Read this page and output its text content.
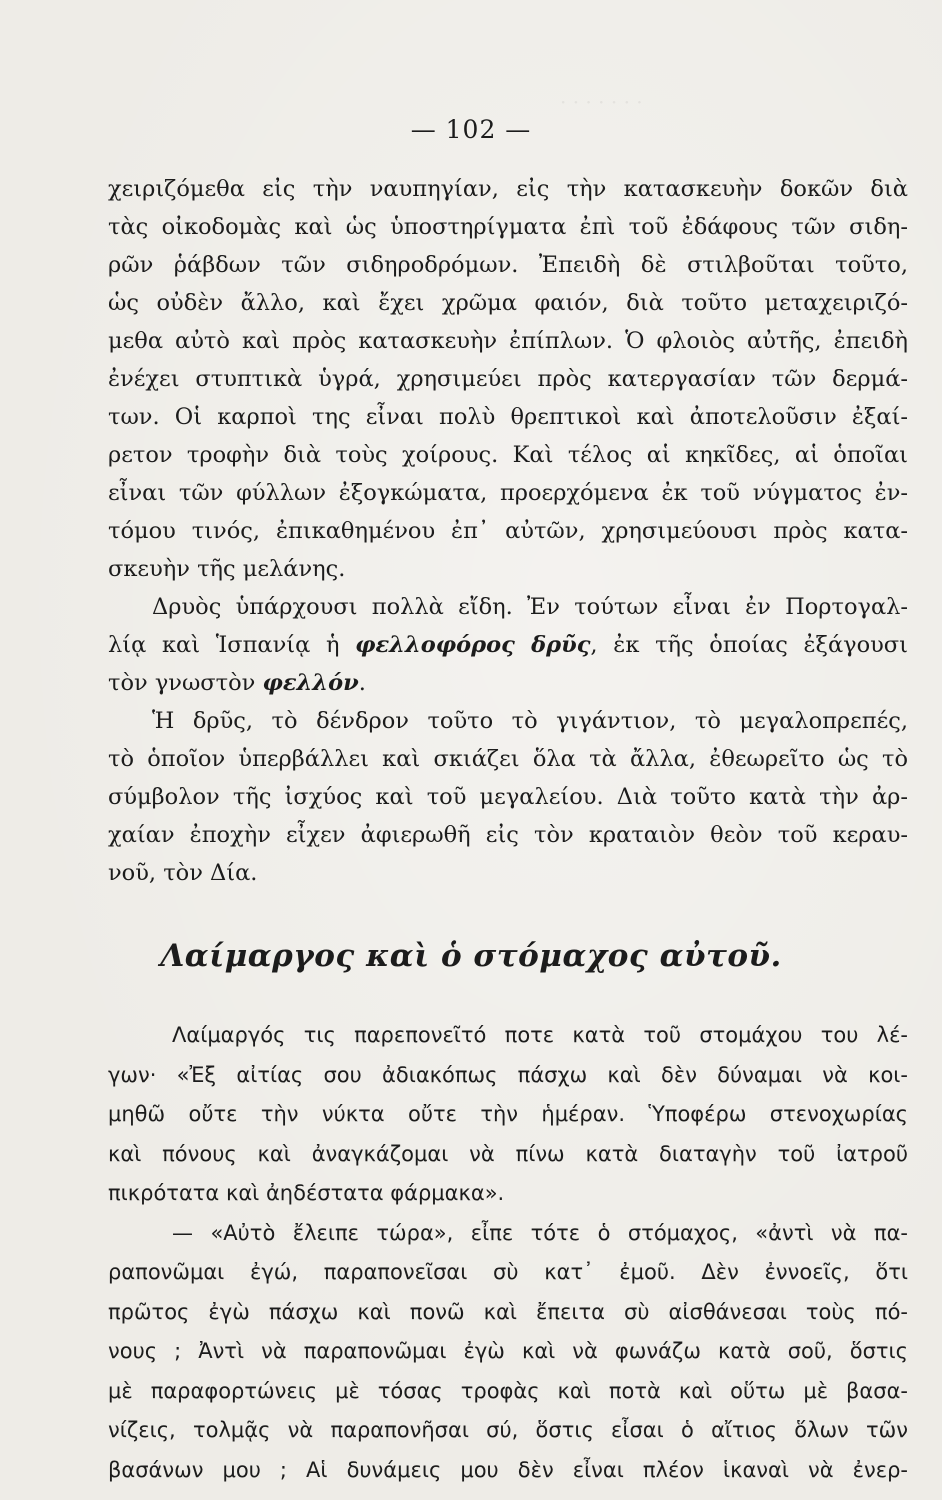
· · · · · · ·
— 102 —
χειριζόμεθα εἰς τὴν ναυπηγίαν, εἰς τὴν κατασκευὴν δοκῶν διὰ
τὰς οἰκοδομὰς καὶ ὡς ὑποστηρίγματα ἐπὶ τοῦ ἐδάφους τῶν σιδη-
ρῶν ῥάβδων τῶν σιδηροδρόμων. Ἐπειδὴ δὲ στιλβοῦται τοῦτο,
ὡς οὐδὲν ἄλλο, καὶ ἔχει χρῶμα φαιόν, διὰ τοῦτο μεταχειριζό-
μεθα αὐτὸ καὶ πρὸς κατασκευὴν ἐπίπλων. Ὁ φλοιὸς αὐτῆς, ἐπειδὴ
ἐνέχει στυπτικὰ ὑγρά, χρησιμεύει πρὸς κατεργασίαν τῶν δερμά-
των. Οἱ καρποὶ της εἶναι πολὺ θρεπτικοὶ καὶ ἀποτελοῦσιν ἐξαί-
ρετον τροφὴν διὰ τοὺς χοίρους. Καὶ τέλος αἱ κηκῖδες, αἱ ὁποῖαι
εἶναι τῶν φύλλων ἐξογκώματα, προερχόμενα ἐκ τοῦ νύγματος ἐν-
τόμου τινός, ἐπικαθημένου ἐπ᾽ αὐτῶν, χρησιμεύουσι πρὸς κατα-
σκευὴν τῆς μελάνης.
Δρυὸς ὑπάρχουσι πολλὰ εἴδη. Ἐν τούτων εἶναι ἐν Πορτογαλ-
λίᾳ καὶ Ἱσπανίᾳ ἡ φελλοφόρος δρῦς, ἐκ τῆς ὁποίας ἐξάγουσι
τὸν γνωστὸν φελλόν.
Ἡ δρῦς, τὸ δένδρον τοῦτο τὸ γιγάντιον, τὸ μεγαλοπρεπές,
τὸ ὁποῖον ὑπερβάλλει καὶ σκιάζει ὅλα τὰ ἄλλα, ἐθεωρεῖτο ὡς τὸ
σύμβολον τῆς ἰσχύος καὶ τοῦ μεγαλείου. Διὰ τοῦτο κατὰ τὴν ἀρ-
χαίαν ἐποχὴν εἶχεν ἀφιερωθῆ εἰς τὸν κραταιὸν θεὸν τοῦ κεραυ-
νοῦ, τὸν Δία.
Λαίμαργος καὶ ὁ στόμαχος αὐτοῦ.
Λαίμαργός τις παρεπονεῖτό ποτε κατὰ τοῦ στομάχου του λέ-
γων· «Ἐξ αἰτίας σου ἀδιακόπως πάσχω καὶ δὲν δύναμαι νὰ κοι-
μηθῶ οὔτε τὴν νύκτα οὔτε τὴν ἡμέραν. Ὑποφέρω στενοχωρίας
καὶ πόνους καὶ ἀναγκάζομαι νὰ πίνω κατὰ διαταγὴν τοῦ ἰατροῦ
πικρότατα καὶ ἀηδέστατα φάρμακα».
— «Αὐτὸ ἔλειπε τώρα», εἶπε τότε ὁ στόμαχος, «ἀντὶ νὰ πα-
ραπονῶμαι ἐγώ, παραπονεῖσαι σὺ κατ᾽ ἐμοῦ. Δὲν ἐννοεῖς, ὅτι
πρῶτος ἐγὼ πάσχω καὶ πονῶ καὶ ἔπειτα σὺ αἰσθάνεσαι τοὺς πό-
νους ; Ἀντὶ νὰ παραπονῶμαι ἐγὼ καὶ νὰ φωνάζω κατὰ σοῦ, ὅστις
μὲ παραφορτώνεις μὲ τόσας τροφὰς καὶ ποτὰ καὶ οὕτω μὲ βασα-
νίζεις, τολμᾷς νὰ παραπονῆσαι σύ, ὅστις εἶσαι ὁ αἴτιος ὅλων τῶν
βασάνων μου ; Αἱ δυνάμεις μου δὲν εἶναι πλέον ἱκαναὶ νὰ ἐνερ-
